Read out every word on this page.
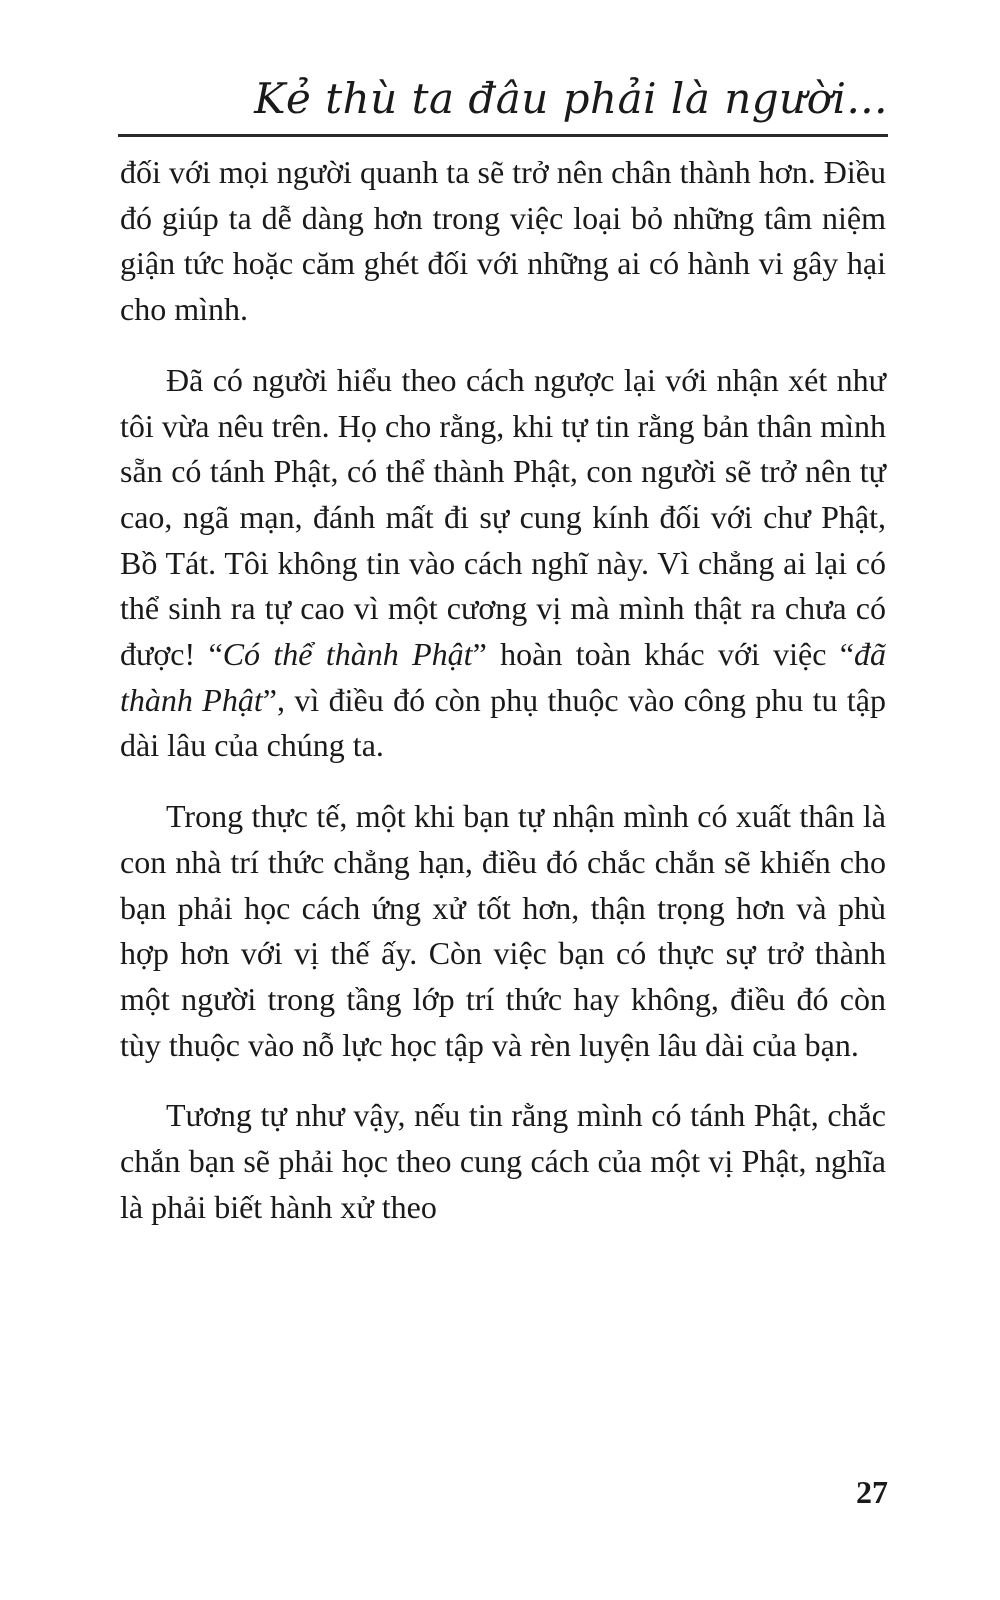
Kẻ thù ta đâu phải là người...

đối với mọi người quanh ta sẽ trở nên chân thành hơn. Điều đó giúp ta dễ dàng hơn trong việc loại bỏ những tâm niệm giận tức hoặc căm ghét đối với những ai có hành vi gây hại cho mình.

Đã có người hiểu theo cách ngược lại với nhận xét như tôi vừa nêu trên. Họ cho rằng, khi tự tin rằng bản thân mình sẵn có tánh Phật, có thể thành Phật, con người sẽ trở nên tự cao, ngã mạn, đánh mất đi sự cung kính đối với chư Phật, Bồ Tát. Tôi không tin vào cách nghĩ này. Vì chẳng ai lại có thể sinh ra tự cao vì một cương vị mà mình thật ra chưa có được! “Có thể thành Phật” hoàn toàn khác với việc “đã thành Phật”, vì điều đó còn phụ thuộc vào công phu tu tập dài lâu của chúng ta.

Trong thực tế, một khi bạn tự nhận mình có xuất thân là con nhà trí thức chẳng hạn, điều đó chắc chắn sẽ khiến cho bạn phải học cách ứng xử tốt hơn, thận trọng hơn và phù hợp hơn với vị thế ấy. Còn việc bạn có thực sự trở thành một người trong tầng lớp trí thức hay không, điều đó còn tùy thuộc vào nỗ lực học tập và rèn luyện lâu dài của bạn.

Tương tự như vậy, nếu tin rằng mình có tánh Phật, chắc chắn bạn sẽ phải học theo cung cách của một vị Phật, nghĩa là phải biết hành xử theo

27
